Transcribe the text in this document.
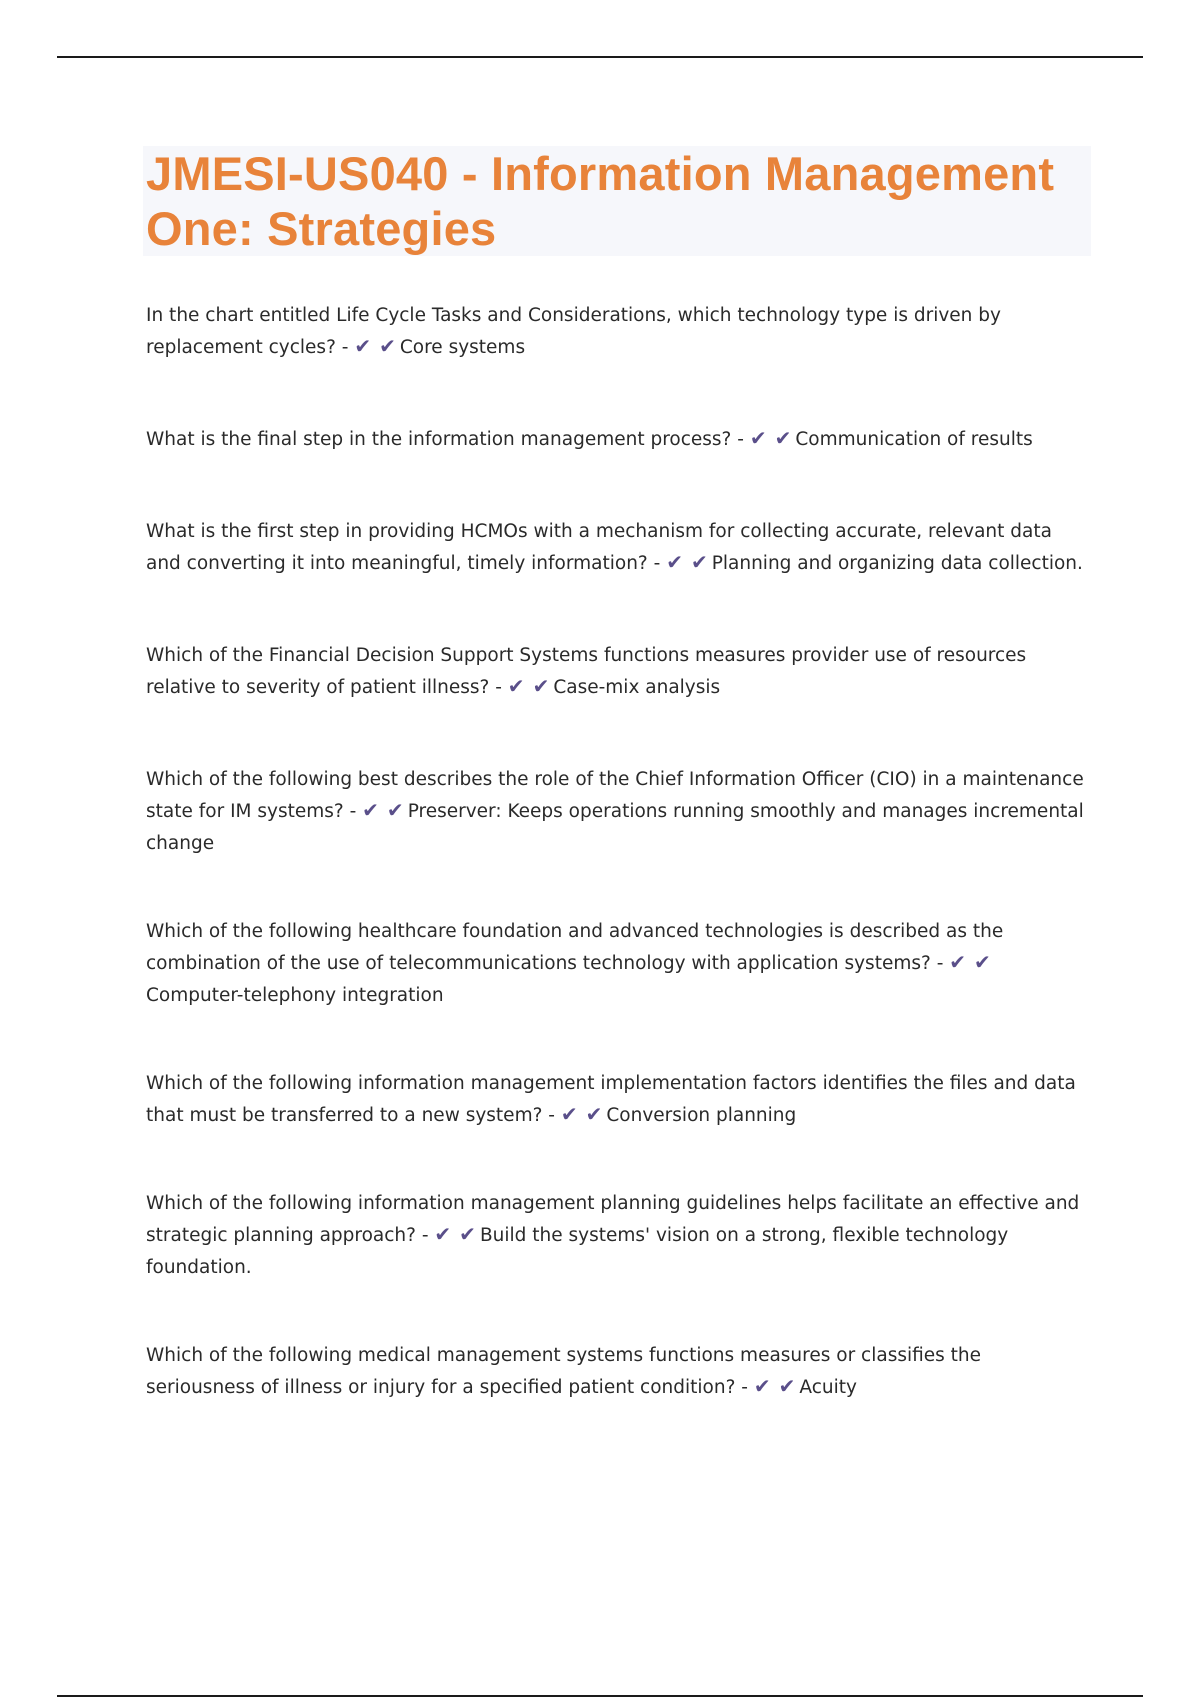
JMESI-US040 - Information Management One: Strategies

In the chart entitled Life Cycle Tasks and Considerations, which technology type is driven by replacement cycles? - ✔ ✔ Core systems

What is the final step in the information management process? - ✔ ✔ Communication of results

What is the first step in providing HCMOs with a mechanism for collecting accurate, relevant data and converting it into meaningful, timely information? - ✔ ✔ Planning and organizing data collection.

Which of the Financial Decision Support Systems functions measures provider use of resources relative to severity of patient illness? - ✔ ✔ Case-mix analysis

Which of the following best describes the role of the Chief Information Officer (CIO) in a maintenance state for IM systems? - ✔ ✔ Preserver: Keeps operations running smoothly and manages incremental change

Which of the following healthcare foundation and advanced technologies is described as the combination of the use of telecommunications technology with application systems? - ✔ ✔Computer-telephony integration

Which of the following information management implementation factors identifies the files and data that must be transferred to a new system? - ✔ ✔ Conversion planning

Which of the following information management planning guidelines helps facilitate an effective and strategic planning approach? - ✔ ✔ Build the systems' vision on a strong, flexible technology foundation.

Which of the following medical management systems functions measures or classifies the seriousness of illness or injury for a specified patient condition? - ✔ ✔ Acuity
